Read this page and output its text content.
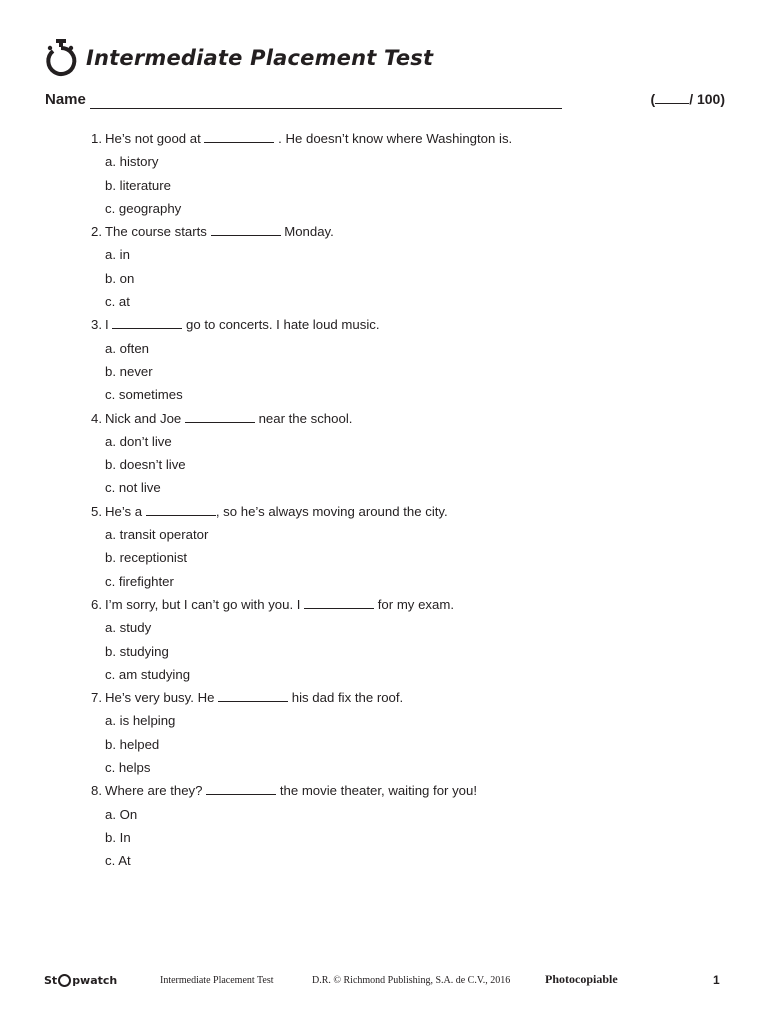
Intermediate Placement Test
Name	( / 100)
1. He’s not good at	. He doesn’t know where Washington is.
a. history
b. literature
c. geography
2. The course starts	Monday.
a. in
b. on
c. at
3. I	go to concerts. I hate loud music.
a. often
b. never
c. sometimes
4. Nick and Joe	near the school.
a. don’t live
b. doesn’t live
c. not live
5. He’s a	, so he’s always moving around the city.
a. transit operator
b. receptionist
c. firefighter
6. I’m sorry, but I can’t go with you. I	for my exam.
a. study
b. studying
c. am studying
7. He’s very busy. He	his dad fix the roof.
a. is helping
b. helped
c. helps
8. Where are they?	the movie theater, waiting for you!
a. On
b. In
c. At
St pwatch	Intermediate Placement Test	D.R. © Richmond Publishing, S.A. de C.V., 2016	Photocopiable	1
